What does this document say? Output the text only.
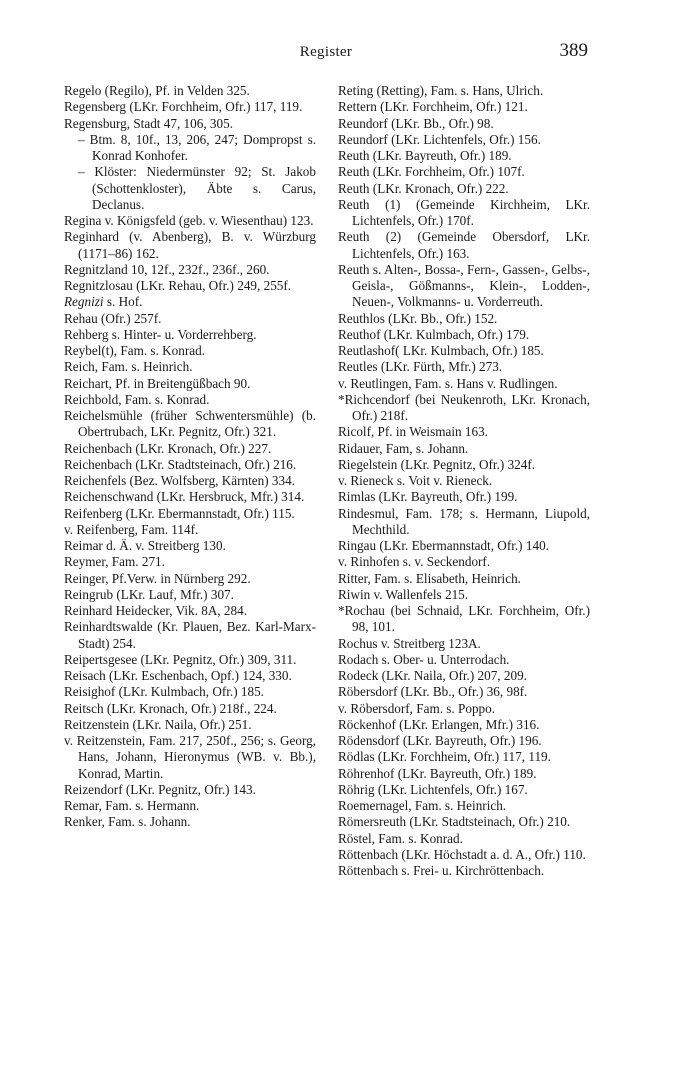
Register	389

Regelo (Regilo), Pf. in Velden 325.

Regensberg (LKr. Forchheim, Ofr.) 117, 119.

Regensburg, Stadt 47, 106, 305.

– Btm. 8, 10f., 13, 206, 247; Dompropst s. Konrad Konhofer.

– Klöster: Niedermünster 92; St. Jakob (Schottenkloster), Äbte s. Carus, Declanus.

Regina v. Königsfeld (geb. v. Wiesenthau) 123.

Reginhard (v. Abenberg), B. v. Würzburg (1171–86) 162.

Regnitzland 10, 12f., 232f., 236f., 260.

Regnitzlosau (LKr. Rehau, Ofr.) 249, 255f.

Regnizi s. Hof.

Rehau (Ofr.) 257f.

Rehberg s. Hinter- u. Vorderrehberg.

Reybel(t), Fam. s. Konrad.

Reich, Fam. s. Heinrich.

Reichart, Pf. in Breitengüßbach 90.

Reichbold, Fam. s. Konrad.

Reichelsmühle (früher Schwentersmühle) (b. Obertrubach, LKr. Pegnitz, Ofr.) 321.

Reichenbach (LKr. Kronach, Ofr.) 227.

Reichenbach (LKr. Stadtsteinach, Ofr.) 216.

Reichenfels (Bez. Wolfsberg, Kärnten) 334.

Reichenschwand (LKr. Hersbruck, Mfr.) 314.

Reifenberg (LKr. Ebermannstadt, Ofr.) 115.

v. Reifenberg, Fam. 114f.

Reimar d. Ä. v. Streitberg 130.

Reymer, Fam. 271.

Reinger, Pf.Verw. in Nürnberg 292.

Reingrub (LKr. Lauf, Mfr.) 307.

Reinhard Heidecker, Vik. 8A, 284.

Reinhardtswalde (Kr. Plauen, Bez. Karl-Marx-Stadt) 254.

Reipertsgesee (LKr. Pegnitz, Ofr.) 309, 311.

Reisach (LKr. Eschenbach, Opf.) 124, 330.

Reisighof (LKr. Kulmbach, Ofr.) 185.

Reitsch (LKr. Kronach, Ofr.) 218f., 224.

Reitzenstein (LKr. Naila, Ofr.) 251.

v. Reitzenstein, Fam. 217, 250f., 256; s. Georg, Hans, Johann, Hieronymus (WB. v. Bb.), Konrad, Martin.

Reizendorf (LKr. Pegnitz, Ofr.) 143.

Remar, Fam. s. Hermann.

Renker, Fam. s. Johann.

Reting (Retting), Fam. s. Hans, Ulrich.

Rettern (LKr. Forchheim, Ofr.) 121.

Reundorf (LKr. Bb., Ofr.) 98.

Reundorf (LKr. Lichtenfels, Ofr.) 156.

Reuth (LKr. Bayreuth, Ofr.) 189.

Reuth (LKr. Forchheim, Ofr.) 107f.

Reuth (LKr. Kronach, Ofr.) 222.

Reuth (1) (Gemeinde Kirchheim, LKr. Lichtenfels, Ofr.) 170f.

Reuth (2) (Gemeinde Obersdorf, LKr. Lichtenfels, Ofr.) 163.

Reuth s. Alten-, Bossa-, Fern-, Gassen-, Gelbs-, Geisla-, Gößmanns-, Klein-, Lodden-, Neuen-, Volkmanns- u. Vorderreuth.

Reuthlos (LKr. Bb., Ofr.) 152.

Reuthof (LKr. Kulmbach, Ofr.) 179.

Reutlashof( LKr. Kulmbach, Ofr.) 185.

Reutles (LKr. Fürth, Mfr.) 273.

v. Reutlingen, Fam. s. Hans v. Rudlingen.

*Richcendorf (bei Neukenroth, LKr. Kronach, Ofr.) 218f.

Ricolf, Pf. in Weismain 163.

Ridauer, Fam, s. Johann.

Riegelstein (LKr. Pegnitz, Ofr.) 324f.

v. Rieneck s. Voit v. Rieneck.

Rimlas (LKr. Bayreuth, Ofr.) 199.

Rindesmul, Fam. 178; s. Hermann, Liupold, Mechthild.

Ringau (LKr. Ebermannstadt, Ofr.) 140.

v. Rinhofen s. v. Seckendorf.

Ritter, Fam. s. Elisabeth, Heinrich.

Riwin v. Wallenfels 215.

*Rochau (bei Schnaid, LKr. Forchheim, Ofr.) 98, 101.

Rochus v. Streitberg 123A.

Rodach s. Ober- u. Unterrodach.

Rodeck (LKr. Naila, Ofr.) 207, 209.

Röbersdorf (LKr. Bb., Ofr.) 36, 98f.

v. Röbersdorf, Fam. s. Poppo.

Röckenhof (LKr. Erlangen, Mfr.) 316.

Rödensdorf (LKr. Bayreuth, Ofr.) 196.

Rödlas (LKr. Forchheim, Ofr.) 117, 119.

Röhrenhof (LKr. Bayreuth, Ofr.) 189.

Röhrig (LKr. Lichtenfels, Ofr.) 167.

Roemernagel, Fam. s. Heinrich.

Römersreuth (LKr. Stadtsteinach, Ofr.) 210.

Röstel, Fam. s. Konrad.

Röttenbach (LKr. Höchstadt a. d. A., Ofr.) 110.

Röttenbach s. Frei- u. Kirchröttenbach.
